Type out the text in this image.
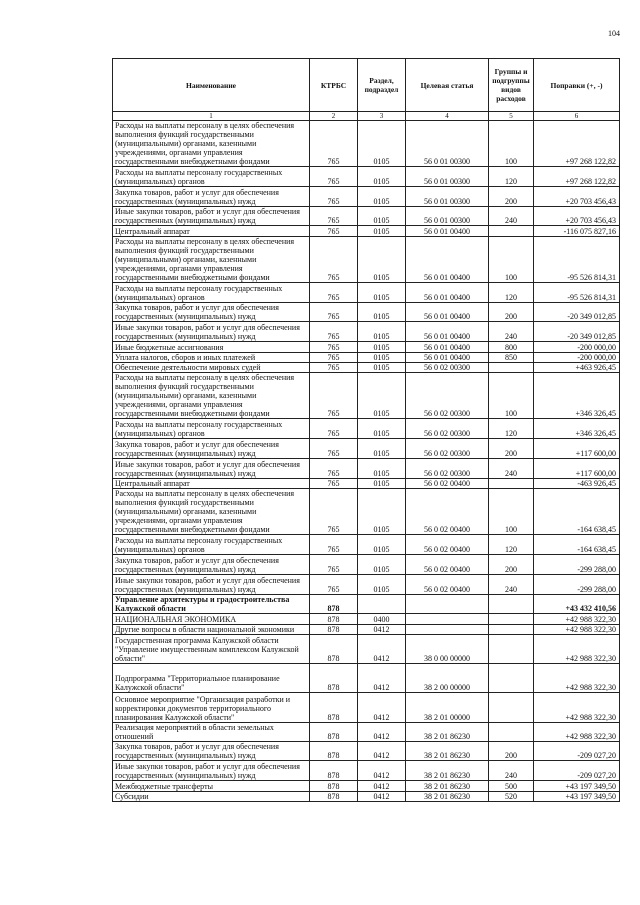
104
Наименование	КТРБС	Раздел, подраздел	Целевая статья	Группы и подгруппы видов расходов	Поправки (+, -)
1	2	3	4	5	6
Расходы на выплаты персоналу в целях обеспечения выполнения функций государственными (муниципальными) органами, казенными учреждениями, органами управления государственными внебюджетными фондами	765	0105	56 0 01 00300	100	+97 268 122,82
Расходы на выплаты персоналу государственных (муниципальных) органов	765	0105	56 0 01 00300	120	+97 268 122,82
Закупка товаров, работ и услуг для обеспечения государственных (муниципальных) нужд	765	0105	56 0 01 00300	200	+20 703 456,43
Иные закупки товаров, работ и услуг для обеспечения государственных (муниципальных) нужд	765	0105	56 0 01 00300	240	+20 703 456,43
Центральный аппарат	765	0105	56 0 01 00400		-116 075 827,16
Расходы на выплаты персоналу в целях обеспечения выполнения функций государственными (муниципальными) органами, казенными учреждениями, органами управления государственными внебюджетными фондами	765	0105	56 0 01 00400	100	-95 526 814,31
Расходы на выплаты персоналу государственных (муниципальных) органов	765	0105	56 0 01 00400	120	-95 526 814,31
Закупка товаров, работ и услуг для обеспечения государственных (муниципальных) нужд	765	0105	56 0 01 00400	200	-20 349 012,85
Иные закупки товаров, работ и услуг для обеспечения государственных (муниципальных) нужд	765	0105	56 0 01 00400	240	-20 349 012,85
Иные бюджетные ассигнования	765	0105	56 0 01 00400	800	-200 000,00
Уплата налогов, сборов и иных платежей	765	0105	56 0 01 00400	850	-200 000,00
Обеспечение деятельности мировых судей	765	0105	56 0 02 00300		+463 926,45
Расходы на выплаты персоналу в целях обеспечения выполнения функций государственными (муниципальными) органами, казенными учреждениями, органами управления государственными внебюджетными фондами	765	0105	56 0 02 00300	100	+346 326,45
Расходы на выплаты персоналу государственных (муниципальных) органов	765	0105	56 0 02 00300	120	+346 326,45
Закупка товаров, работ и услуг для обеспечения государственных (муниципальных) нужд	765	0105	56 0 02 00300	200	+117 600,00
Иные закупки товаров, работ и услуг для обеспечения государственных (муниципальных) нужд	765	0105	56 0 02 00300	240	+117 600,00
Центральный аппарат	765	0105	56 0 02 00400		-463 926,45
Расходы на выплаты персоналу в целях обеспечения выполнения функций государственными (муниципальными) органами, казенными учреждениями, органами управления государственными внебюджетными фондами	765	0105	56 0 02 00400	100	-164 638,45
Расходы на выплаты персоналу государственных (муниципальных) органов	765	0105	56 0 02 00400	120	-164 638,45
Закупка товаров, работ и услуг для обеспечения государственных (муниципальных) нужд	765	0105	56 0 02 00400	200	-299 288,00
Иные закупки товаров, работ и услуг для обеспечения государственных (муниципальных) нужд	765	0105	56 0 02 00400	240	-299 288,00
Управление архитектуры и градостроительства Калужской области	878				+43 432 410,56
НАЦИОНАЛЬНАЯ ЭКОНОМИКА	878	0400			+42 988 322,30
Другие вопросы в области национальной экономики	878	0412			+42 988 322,30
Государственная программа Калужской области "Управление имущественным комплексом Калужской области"	878	0412	38 0 00 00000		+42 988 322,30
Подпрограмма "Территориальное планирование Калужской области"	878	0412	38 2 00 00000		+42 988 322,30
Основное мероприятие "Организация разработки и корректировки документов территориального планирования Калужской области"	878	0412	38 2 01 00000		+42 988 322,30
Реализация мероприятий в области земельных отношений	878	0412	38 2 01 86230		+42 988 322,30
Закупка товаров, работ и услуг для обеспечения государственных (муниципальных) нужд	878	0412	38 2 01 86230	200	-209 027,20
Иные закупки товаров, работ и услуг для обеспечения государственных (муниципальных) нужд	878	0412	38 2 01 86230	240	-209 027,20
Межбюджетные трансферты	878	0412	38 2 01 86230	500	+43 197 349,50
Субсидии	878	0412	38 2 01 86230	520	+43 197 349,50
